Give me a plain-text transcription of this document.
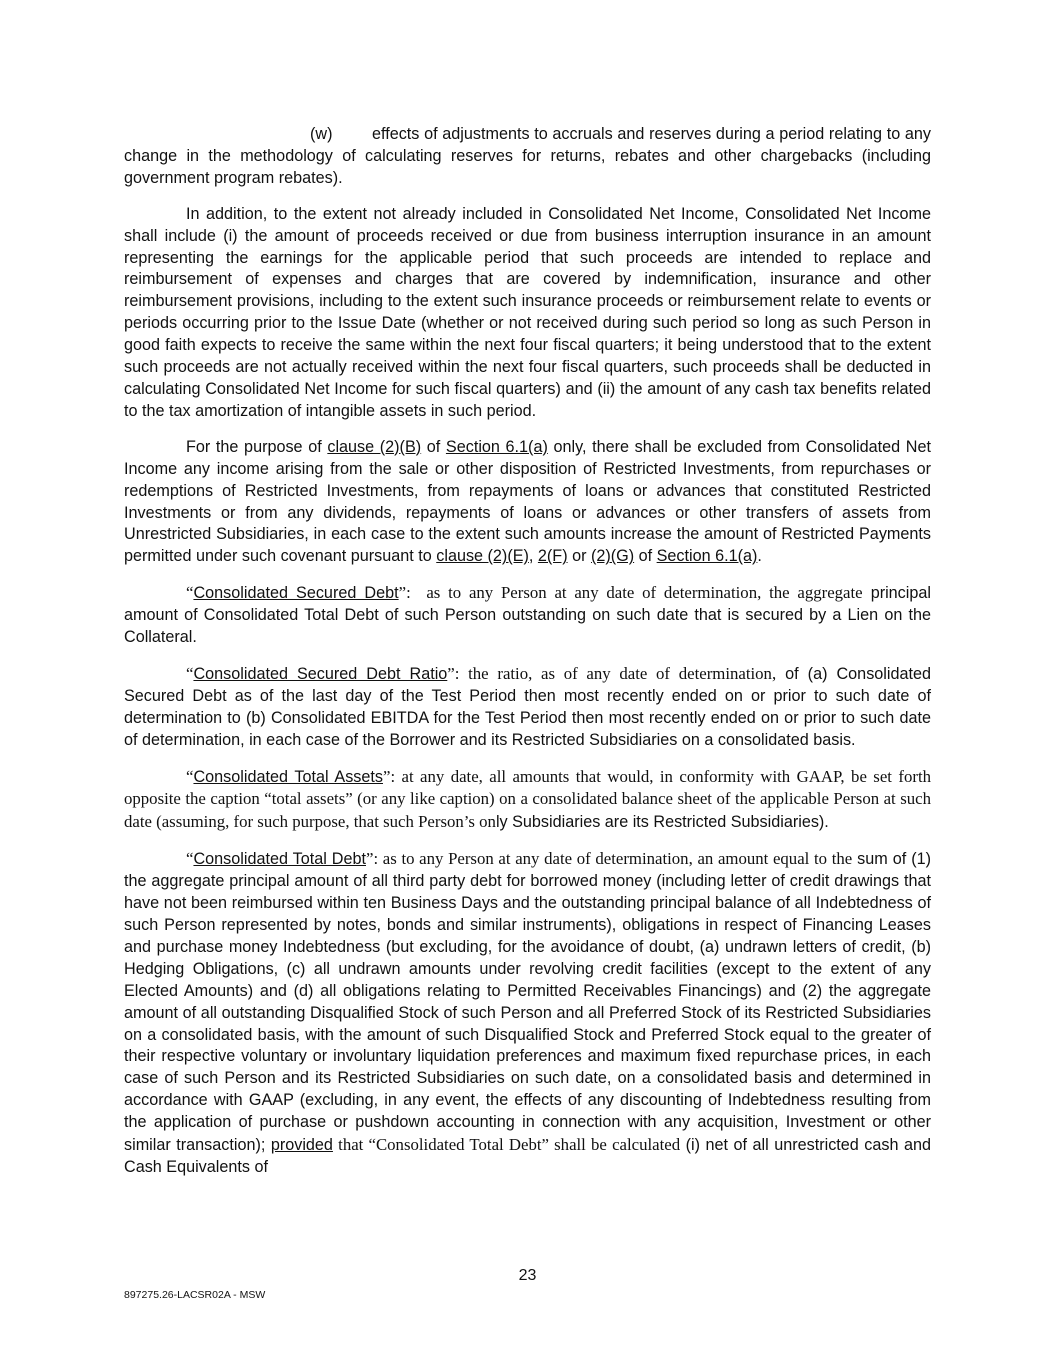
(w) effects of adjustments to accruals and reserves during a period relating to any change in the methodology of calculating reserves for returns, rebates and other chargebacks (including government program rebates).

In addition, to the extent not already included in Consolidated Net Income, Consolidated Net Income shall include (i) the amount of proceeds received or due from business interruption insurance in an amount representing the earnings for the applicable period that such proceeds are intended to replace and reimbursement of expenses and charges that are covered by indemnification, insurance and other reimbursement provisions, including to the extent such insurance proceeds or reimbursement relate to events or periods occurring prior to the Issue Date (whether or not received during such period so long as such Person in good faith expects to receive the same within the next four fiscal quarters; it being understood that to the extent such proceeds are not actually received within the next four fiscal quarters, such proceeds shall be deducted in calculating Consolidated Net Income for such fiscal quarters) and (ii) the amount of any cash tax benefits related to the tax amortization of intangible assets in such period.

For the purpose of clause (2)(B) of Section 6.1(a) only, there shall be excluded from Consolidated Net Income any income arising from the sale or other disposition of Restricted Investments, from repurchases or redemptions of Restricted Investments, from repayments of loans or advances that constituted Restricted Investments or from any dividends, repayments of loans or advances or other transfers of assets from Unrestricted Subsidiaries, in each case to the extent such amounts increase the amount of Restricted Payments permitted under such covenant pursuant to clause (2)(E), 2(F) or (2)(G) of Section 6.1(a).

“Consolidated Secured Debt”:  as to any Person at any date of determination, the aggregate principal amount of Consolidated Total Debt of such Person outstanding on such date that is secured by a Lien on the Collateral.

“Consolidated Secured Debt Ratio”: the ratio, as of any date of determination, of (a) Consolidated Secured Debt as of the last day of the Test Period then most recently ended on or prior to such date of determination to (b) Consolidated EBITDA for the Test Period then most recently ended on or prior to such date of determination, in each case of the Borrower and its Restricted Subsidiaries on a consolidated basis.

“Consolidated Total Assets”: at any date, all amounts that would, in conformity with GAAP, be set forth opposite the caption “total assets” (or any like caption) on a consolidated balance sheet of the applicable Person at such date (assuming, for such purpose, that such Person’s only Subsidiaries are its Restricted Subsidiaries).

“Consolidated Total Debt”: as to any Person at any date of determination, an amount equal to the sum of (1) the aggregate principal amount of all third party debt for borrowed money (including letter of credit drawings that have not been reimbursed within ten Business Days and the outstanding principal balance of all Indebtedness of such Person represented by notes, bonds and similar instruments), obligations in respect of Financing Leases and purchase money Indebtedness (but excluding, for the avoidance of doubt, (a) undrawn letters of credit, (b) Hedging Obligations, (c) all undrawn amounts under revolving credit facilities (except to the extent of any Elected Amounts) and (d) all obligations relating to Permitted Receivables Financings) and (2) the aggregate amount of all outstanding Disqualified Stock of such Person and all Preferred Stock of its Restricted Subsidiaries on a consolidated basis, with the amount of such Disqualified Stock and Preferred Stock equal to the greater of their respective voluntary or involuntary liquidation preferences and maximum fixed repurchase prices, in each case of such Person and its Restricted Subsidiaries on such date, on a consolidated basis and determined in accordance with GAAP (excluding, in any event, the effects of any discounting of Indebtedness resulting from the application of purchase or pushdown accounting in connection with any acquisition, Investment or other similar transaction); provided that “Consolidated Total Debt” shall be calculated (i) net of all unrestricted cash and Cash Equivalents of

23
897275.26-LACSR02A - MSW
